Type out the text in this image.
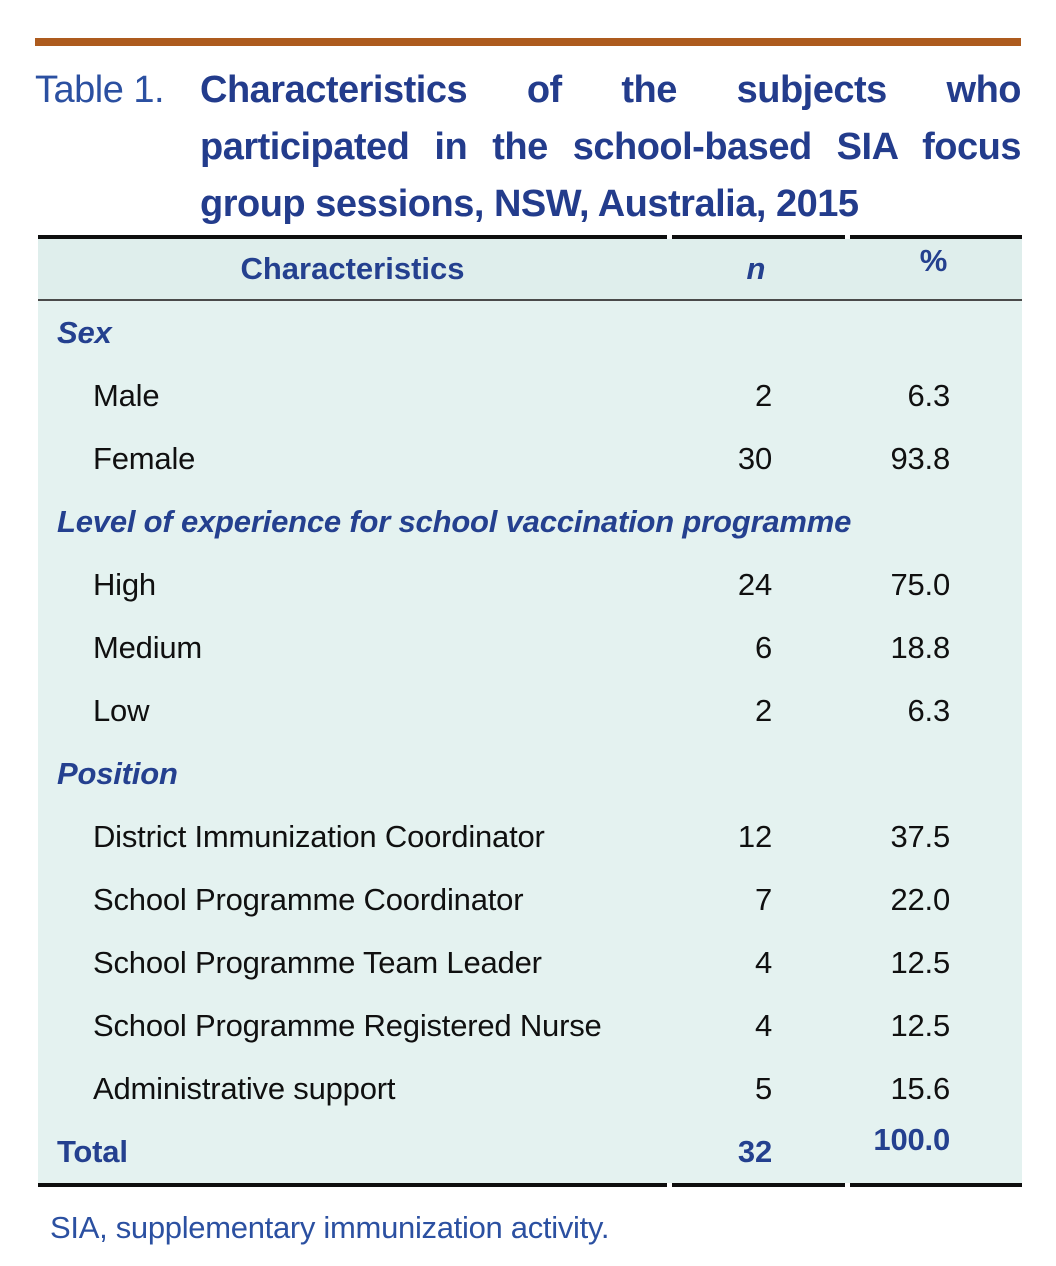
Table 1. Characteristics of the subjects who
participated in the school-based SIA focus
group sessions, NSW, Australia, 2015
Characteristics	n	%
Sex
Male	2	6.3
Female	30	93.8
Level of experience for school vaccination programme
High	24	75.0
Medium	6	18.8
Low	2	6.3
Position
District Immunization Coordinator	12	37.5
School Programme Coordinator	7	22.0
School Programme Team Leader	4	12.5
School Programme Registered Nurse	4	12.5
Administrative support	5	15.6
Total	32	100.0
SIA, supplementary immunization activity.
